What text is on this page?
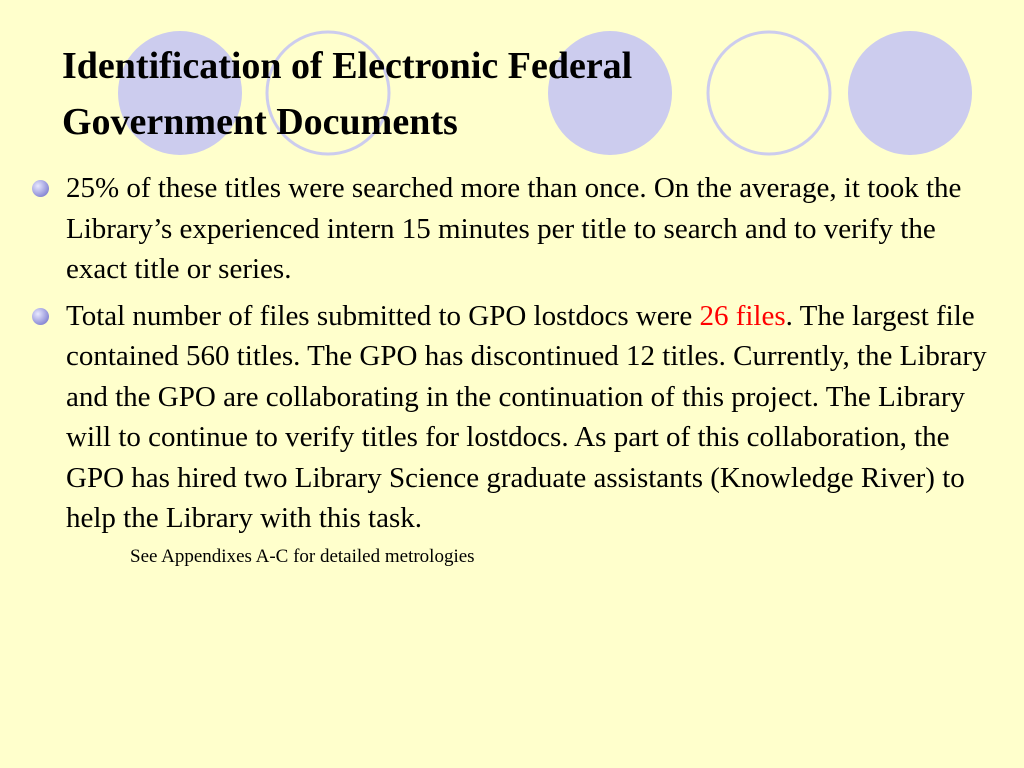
Identification of Electronic Federal
Government Documents
25% of these titles were searched more than once. On the average, it took the Library’s experienced intern 15 minutes per title to search and to verify the exact title or series.
Total number of files submitted to GPO lostdocs were 26 files. The largest file contained 560 titles. The GPO has discontinued 12 titles. Currently, the Library and the GPO are collaborating in the continuation of this project. The Library will to continue to verify titles for lostdocs. As part of this collaboration, the GPO has hired two Library Science graduate assistants (Knowledge River) to help the Library with this task.
See Appendixes A-C for detailed metrologies
